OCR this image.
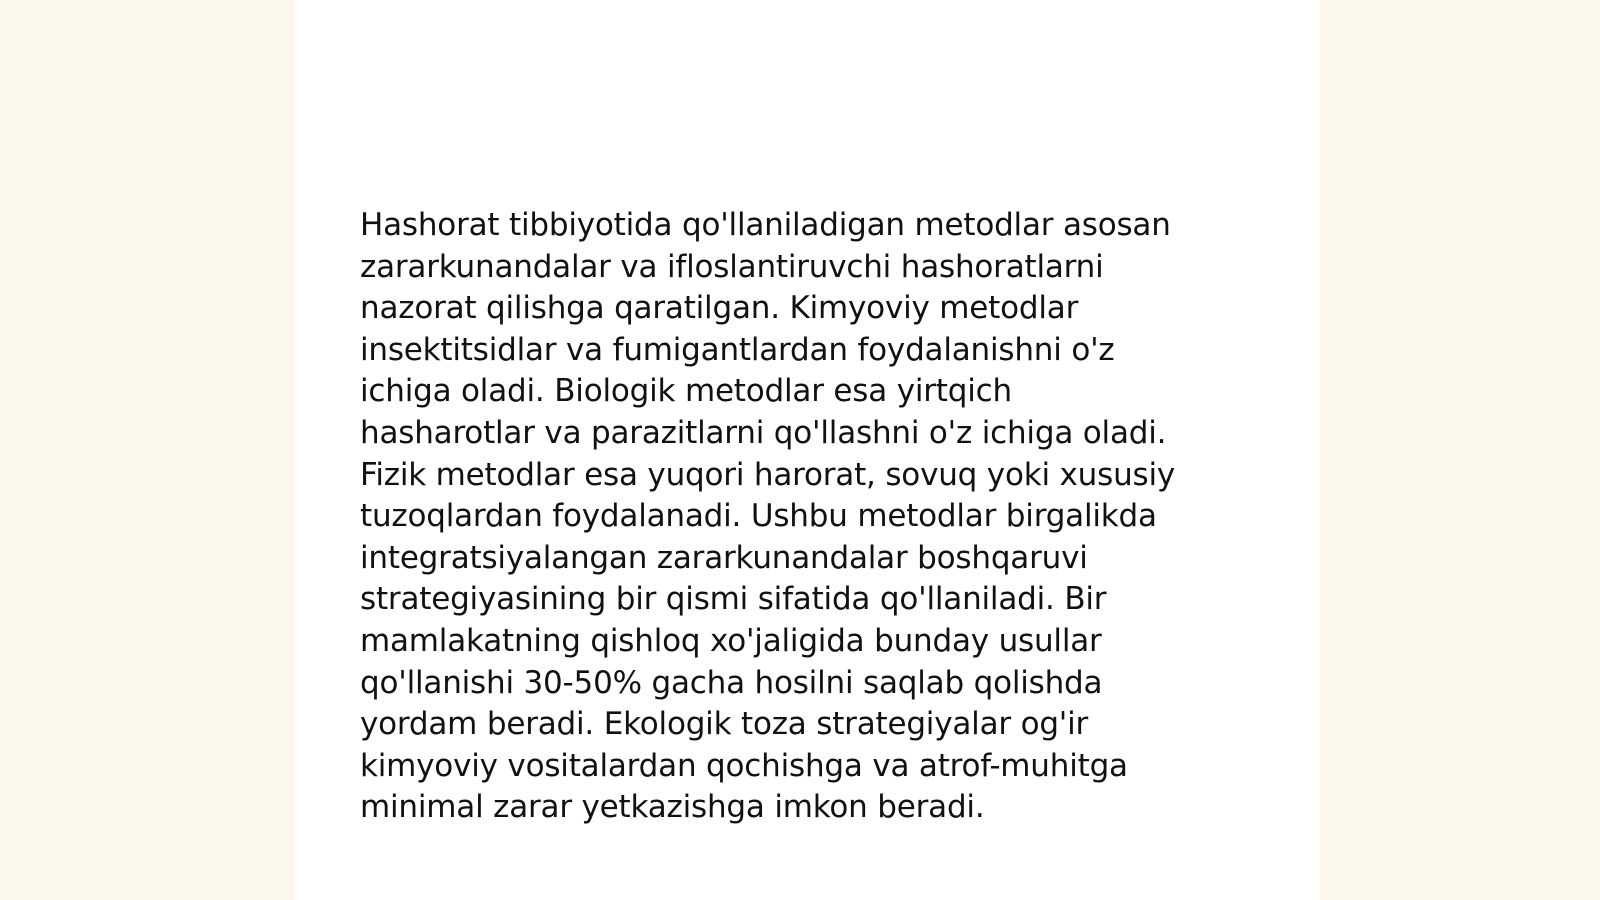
Hashorat tibbiyotida qo'llaniladigan metodlar asosan
zararkunandalar va ifloslantiruvchi hashoratlarni
nazorat qilishga qaratilgan. Kimyoviy metodlar
insektitsidlar va fumigantlardan foydalanishni o'z
ichiga oladi. Biologik metodlar esa yirtqich
hasharotlar va parazitlarni qo'llashni o'z ichiga oladi.
Fizik metodlar esa yuqori harorat, sovuq yoki xususiy
tuzoqlardan foydalanadi. Ushbu metodlar birgalikda
integratsiyalangan zararkunandalar boshqaruvi
strategiyasining bir qismi sifatida qo'llaniladi. Bir
mamlakatning qishloq xo'jaligida bunday usullar
qo'llanishi 30-50% gacha hosilni saqlab qolishda
yordam beradi. Ekologik toza strategiyalar og'ir
kimyoviy vositalardan qochishga va atrof-muhitga
minimal zarar yetkazishga imkon beradi.
